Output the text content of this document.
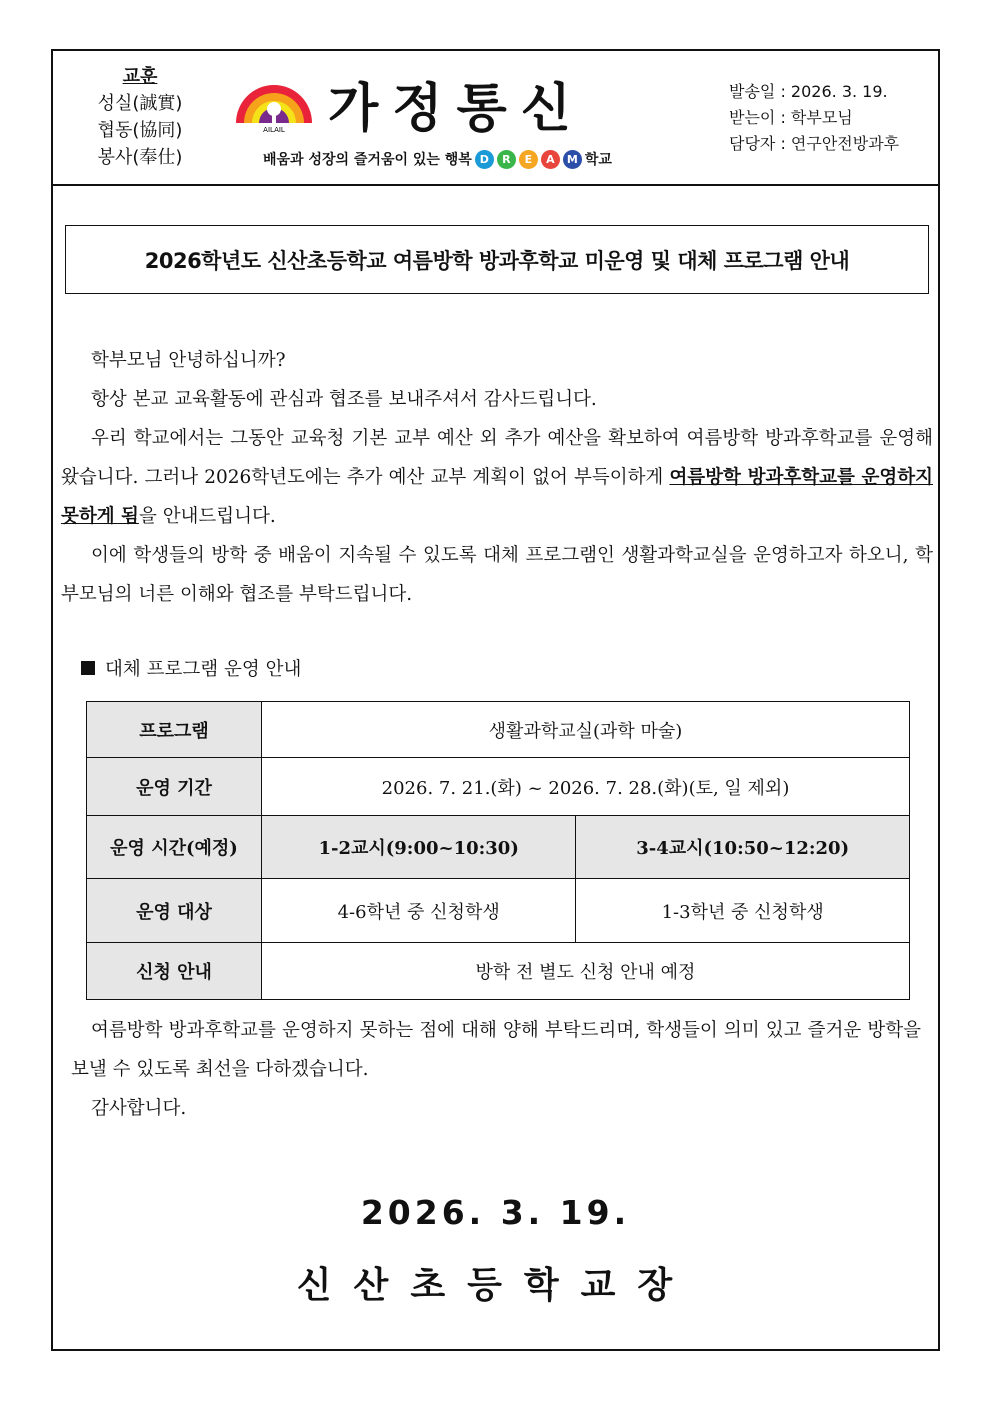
교훈
성실(誠實)
협동(協同)
봉사(奉仕)
AILAIL 가정통신
배움과 성장의 즐거움이 있는 행복 D	R	E	A	M 학교
발송일 : 2026. 3. 19.
받는이 : 학부모님
담당자 : 연구안전방과후
2026학년도 신산초등학교 여름방학 방과후학교 미운영 및 대체 프로그램 안내

학부모님 안녕하십니까?

항상 본교 교육활동에 관심과 협조를 보내주셔서 감사드립니다.

우리 학교에서는 그동안 교육청 기본 교부 예산 외 추가 예산을 확보하여 여름방학 방과후학교를 운영해 왔습니다. 그러나 2026학년도에는 추가 예산 교부 계획이 없어 부득이하게 여름방학 방과후학교를 운영하지 못하게 됨을 안내드립니다.

이에 학생들의 방학 중 배움이 지속될 수 있도록 대체 프로그램인 생활과학교실을 운영하고자 하오니, 학부모님의 너른 이해와 협조를 부탁드립니다.

대체 프로그램 운영 안내
프로그램	생활과학교실(과학 마술)	
운영 기간	2026. 7. 21.(화) ~ 2026. 7. 28.(화)(토, 일 제외)	
운영 시간(예정)	1-2교시(9:00~10:30)	3-4교시(10:50~12:20)
운영 대상	4-6학년 중 신청학생	1-3학년 중 신청학생
신청 안내	방학 전 별도 신청 안내 예정	

여름방학 방과후학교를 운영하지 못하는 점에 대해 양해 부탁드리며, 학생들이 의미 있고 즐거운 방학을 보낼 수 있도록 최선을 다하겠습니다.

감사합니다.

2026. 3. 19.
신산초등학교장
